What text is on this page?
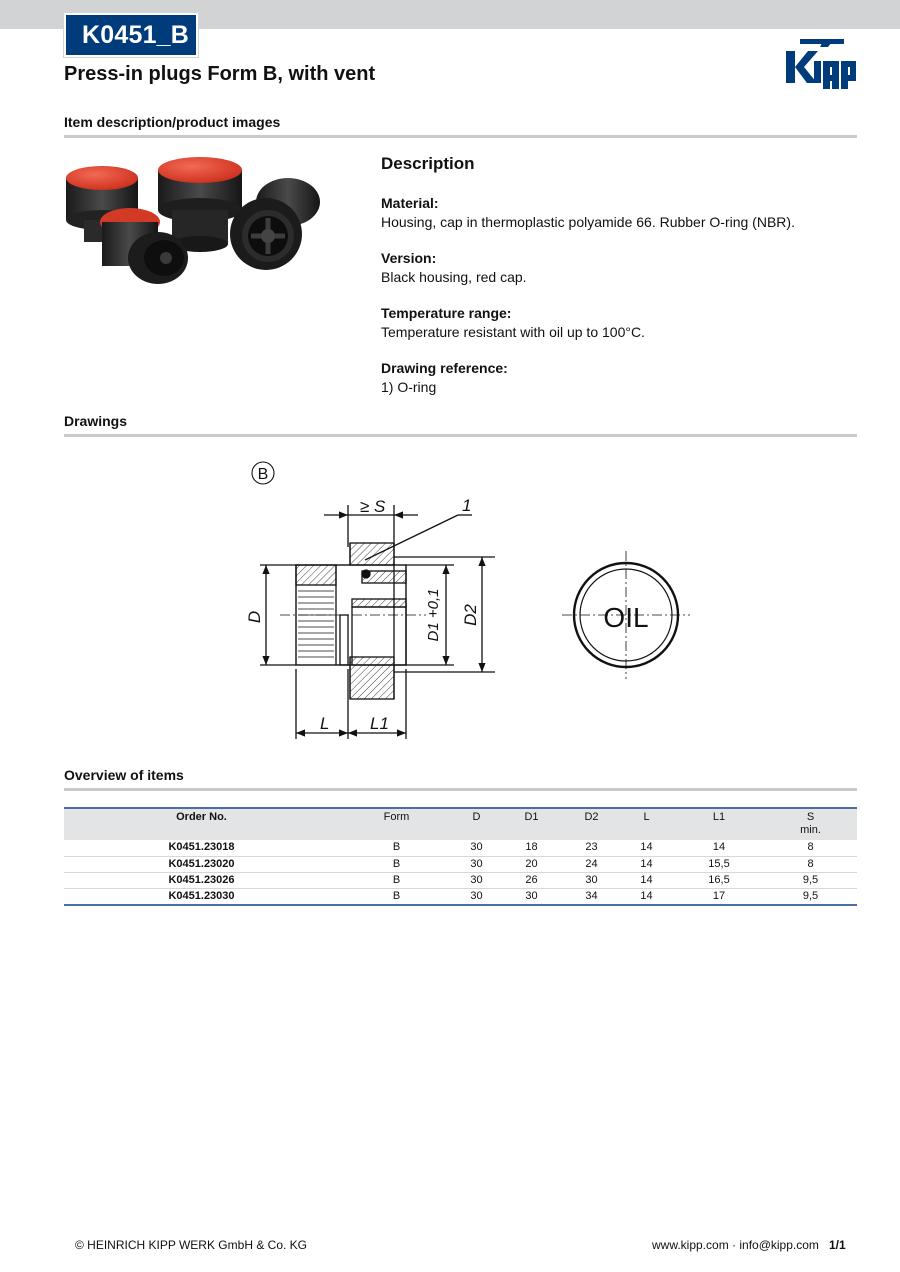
K0451_B
Press-in plugs Form B, with vent
Item description/product images
Description
Material:
Housing, cap in thermoplastic polyamide 66. Rubber O-ring (NBR).
Version:
Black housing, red cap.
Temperature range:
Temperature resistant with oil up to 100°C.
Drawing reference:
1) O-ring
Drawings
B
≥ S	1
D	D1 +0,1 D2
L L1
OIL
Overview of items
Order No.	Form	D	D1	D2	L	L1	S
min.

K0451.23018	B	30	18	23	14	14	8
K0451.23020	B	30	20	24	14	15,5	8
K0451.23026	B	30	26	30	14	16,5	9,5
K0451.23030	B	30	30	34	14	17	9,5
© HEINRICH KIPP WERK GmbH & Co. KG	www.kipp.com · info@kipp.com 1/1
